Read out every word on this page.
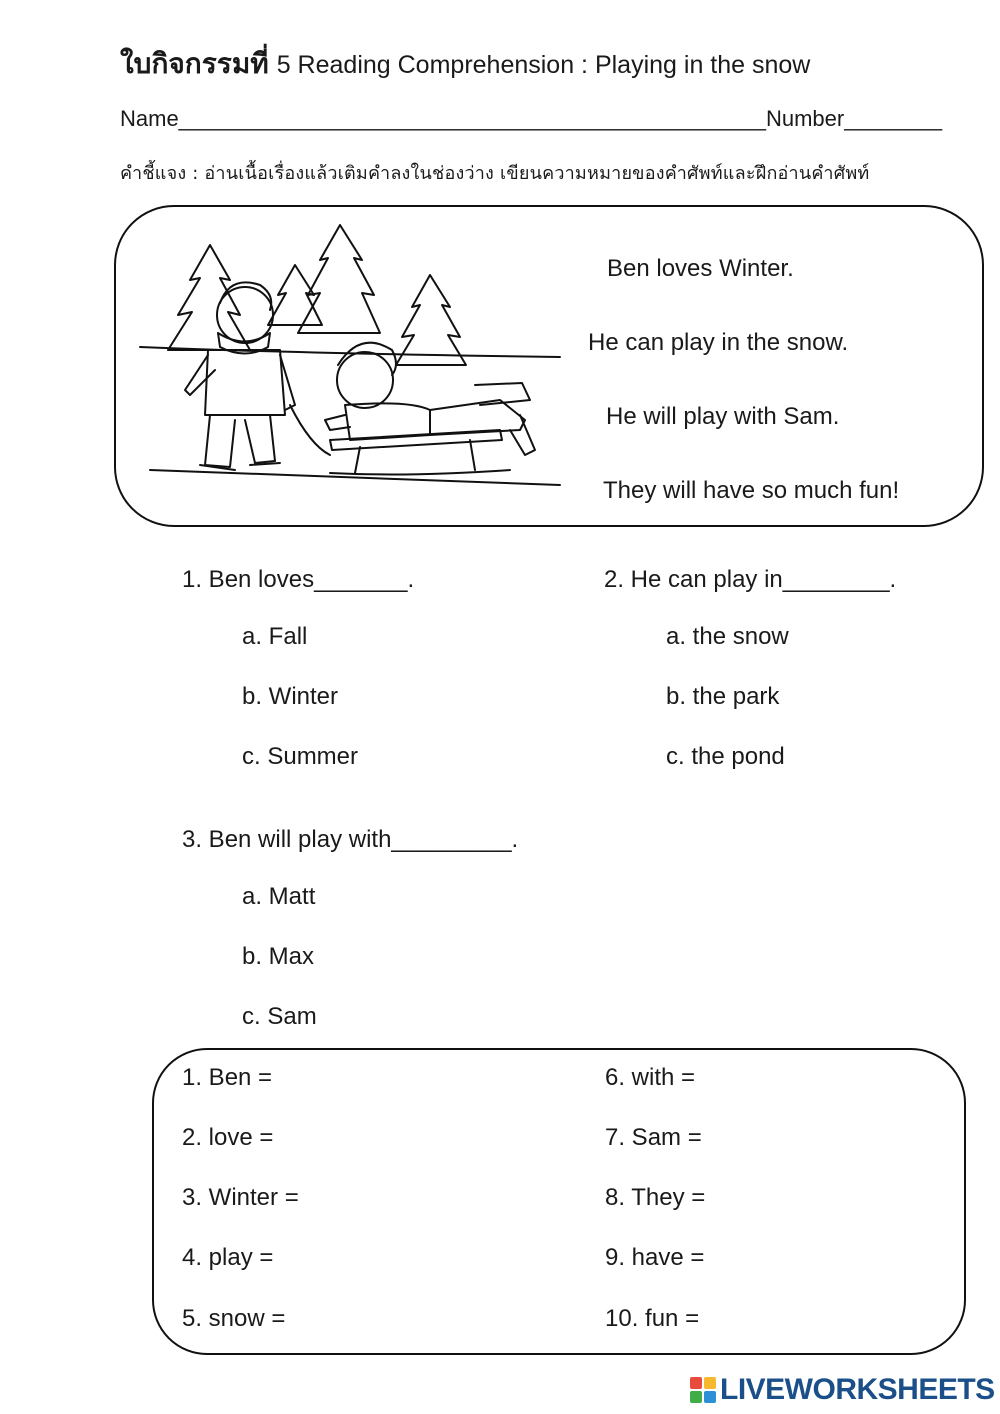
ใบกิจกรรมที่ 5 Reading Comprehension : Playing in the snow
Name________________________________________________Number________
คำชี้แจง : อ่านเนื้อเรื่องแล้วเติมคำลงในช่องว่าง เขียนความหมายของคำศัพท์และฝึกอ่านคำศัพท์
Ben loves Winter.
He can play in the snow.
He will play with Sam.
They will have so much fun!
1. Ben loves_______.
a. Fall
b. Winter
c. Summer
2. He can play in________.
a. the snow
b. the park
c. the pond
3. Ben will play with_________.
a. Matt
b. Max
c. Sam
1. Ben =
2. love =
3. Winter =
4. play =
5. snow =
6. with =
7. Sam =
8. They =
9. have =
10. fun =
LIVEWORKSHEETS
